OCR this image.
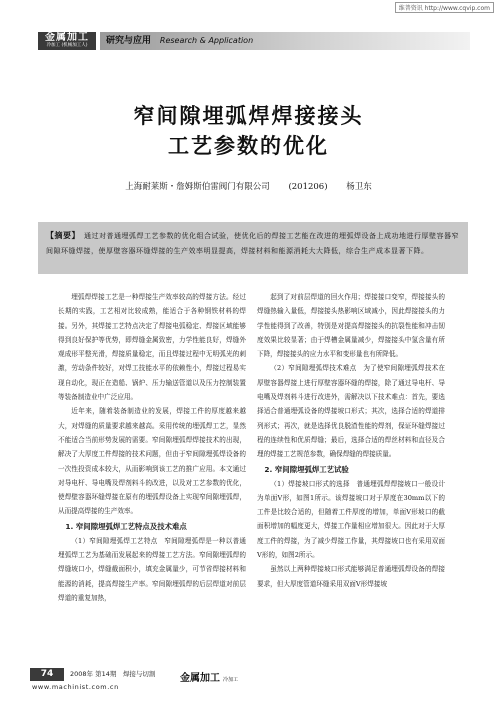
维普资讯 http://www.cqvip.com
金属加工
冷加工 (机械加工人)	研究与应用 Research & Application
窄间隙埋弧焊焊接接头
工艺参数的优化
上海耐莱斯・詹姆斯伯雷阀门有限公司 (201206) 杨卫东
【摘要】 通过对普通埋弧焊工艺参数的优化组合试验，使优化后的焊接工艺能在改进的埋弧焊设备上成功地进行厚壁容器窄间隙环缝焊接，使厚壁容器环缝焊接的生产效率明显提高，焊接材料和能源消耗大大降低，综合生产成本显著下降。

埋弧焊焊接工艺是一种焊接生产效率较高的焊接方法。经过长期的实践，工艺相对比较成熟，能适合于各种钢铁材料的焊接。另外，其焊接工艺特点决定了焊接电弧稳定、焊接区域能够得到良好保护等优势，即焊缝金属致密，力学性能良好，焊缝外观成形平整光滑，焊接质量稳定，而且焊接过程中无明弧光的刺激，劳动条件较好，对焊工技能水平的依赖性小，焊接过程易实现自动化，现正在造船、锅炉、压力输送管道以及压力控制装置等装备制造业中广泛应用。

近年来，随着装备制造业的发展，焊接工件的厚度越来越大，对焊缝的质量要求越来越高。采用传统的埋弧焊工艺，显然不能适合当前形势发展的需要。窄间隙埋弧焊焊接技术的出现，解决了大厚度工件焊接的技术问题，但由于窄间隙埋弧焊设备的一次性投资成本较大，从而影响到该工艺的推广应用。本文通过对导电杆、导电嘴及焊剂料斗的改进，以及对工艺参数的优化，使焊壁容器环缝焊接在原有的埋弧焊设备上实现窄间隙埋弧焊，从而提高焊接的生产效率。

1. 窄间隙埋弧焊工艺特点及技术难点

（1）窄间隙埋弧焊工艺特点　窄间隙埋弧焊是一种以普通埋弧焊工艺为基础而发展起来的焊接工艺方法。窄间隙埋弧焊的焊缝坡口小，焊缝截面积小，填充金属量少，可节省焊接材料和能源的消耗，提高焊接生产率。窄间隙埋弧焊的后层焊道对前层焊道的重复加热，

起到了对前层焊道的回火作用；焊接接口变窄，焊接接头的焊缝热输入量低，焊接接头热影响区域减小，因此焊接接头的力学性能得到了改善，特别是对提高焊接接头的抗裂性能和冲击韧度效果比较显著；由于焊槽金属量减少，焊接接头中氢含量有所下降，焊接接头的应力水平和变形量也有所降低。

（2）窄间隙埋弧焊技术难点　为了使窄间隙埋弧焊技术在厚壁容器焊接上进行厚壁容器环缝的焊接，除了通过导电杆、导电嘴及焊剂料斗进行改进外，需解决以下技术难点：首先，要选择适合普通埋弧设备的焊接坡口形式；其次，选择合适的焊道排列形式；再次，就是选择优良脱渣性能的焊剂，保证环缝焊接过程的连续性和优质焊缝；最后，选择合适的焊丝材料和直径及合理的焊接工艺规范参数，确保焊缝的焊接质量。

2. 窄间隙埋弧焊工艺试验

（1）焊接坡口形式的选择　普通埋弧焊焊接坡口一般设计为单面V形，如图1所示。该焊接坡口对于厚度在30mm以下的工件是比较合适的，但随着工件厚度的增加，单面V形坡口的截面积增加的幅度更大，焊接工作量相应增加很大。因此对于大厚度工件的焊接，为了减少焊接工作量，其焊接坡口也有采用双面V形的，如图2所示。

虽然以上两种焊接坡口形式能够满足普通埋弧焊设备的焊接要求，但大厚度管道环缝采用双面V形焊接坡

74	2008年 第14期　焊接与切割
www.machinist.com.cn
金属加工 冷加工
